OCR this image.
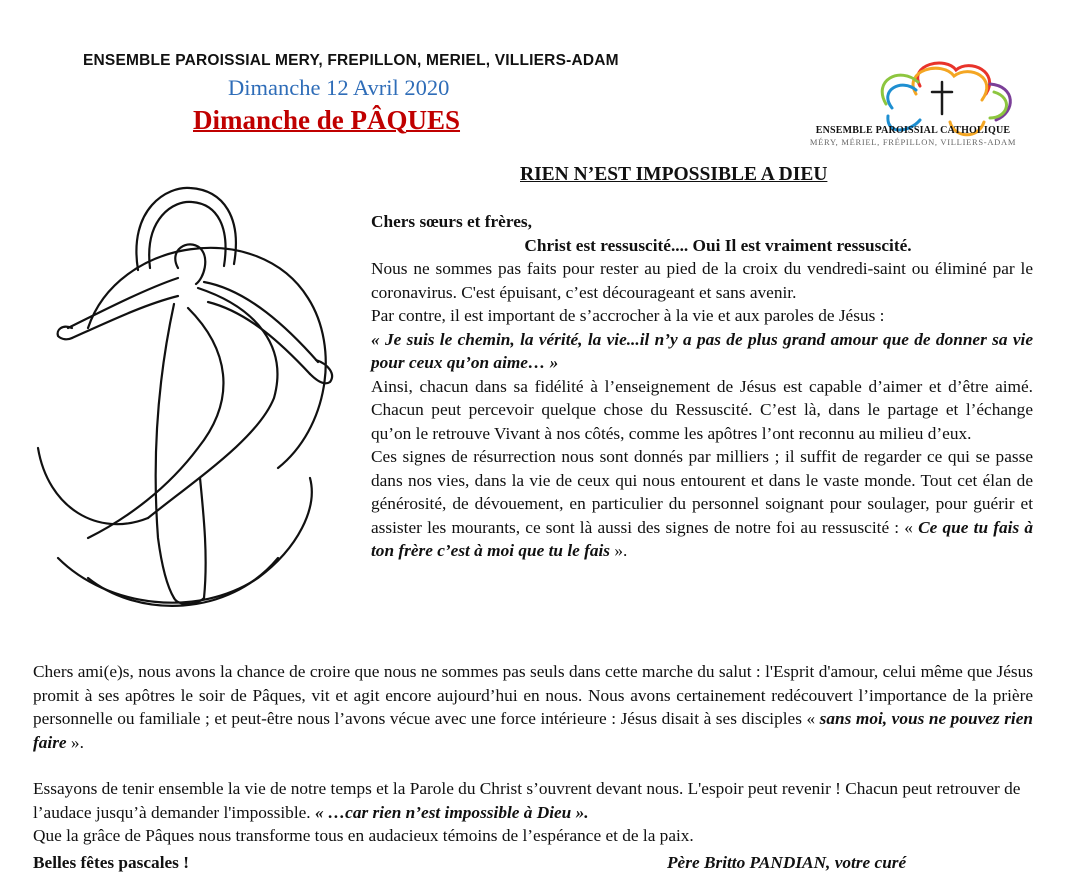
ENSEMBLE PAROISSIAL MERY, FREPILLON, MERIEL, VILLIERS-ADAM
Dimanche 12 Avril 2020
Dimanche de PÂQUES	ENSEMBLE PAROISSIAL CATHOLIQUE
MÉRY, MÉRIEL, FRÉPILLON, VILLIERS-ADAM
RIEN N’EST IMPOSSIBLE A DIEU

Chers sœurs et frères,

Christ est ressuscité.... Oui Il est vraiment ressuscité.

Nous ne sommes pas faits pour rester au pied de la croix du vendredi-saint ou éliminé par le coronavirus. C'est épuisant, c’est décourageant et sans avenir.

Par contre, il est important de s’accrocher à la vie et aux paroles de Jésus :

« Je suis le chemin, la vérité, la vie...il n’y a pas de plus grand amour que de donner sa vie pour ceux qu’on aime… »

Ainsi, chacun dans sa fidélité à l’enseignement de Jésus est capable d’aimer et d’être aimé. Chacun peut percevoir quelque chose du Ressuscité. C’est là, dans le partage et l’échange qu’on le retrouve Vivant à nos côtés, comme les apôtres l’ont reconnu au milieu d’eux.

Ces signes de résurrection nous sont donnés par milliers ; il suffit de regarder ce qui se passe dans nos vies, dans la vie de ceux qui nous entourent et dans le vaste monde. Tout cet élan de générosité, de dévouement, en particulier du personnel soignant pour soulager, pour guérir et assister les mourants, ce sont là aussi des signes de notre foi au ressuscité : « Ce que tu fais à ton frère c’est à moi que tu le fais ».

Chers ami(e)s, nous avons la chance de croire que nous ne sommes pas seuls dans cette marche du salut : l'Esprit d'amour, celui même que Jésus promit à ses apôtres le soir de Pâques, vit et agit encore aujourd’hui en nous. Nous avons certainement redécouvert l’importance de la prière personnelle ou familiale ; et peut-être nous l’avons vécue avec une force intérieure : Jésus disait à ses disciples « sans moi, vous ne pouvez rien faire ».

Essayons de tenir ensemble la vie de notre temps et la Parole du Christ s’ouvrent devant nous. L'espoir peut revenir ! Chacun peut retrouver de l’audace jusqu’à demander l'impossible. « …car rien n’est impossible à Dieu ».

Que la grâce de Pâques nous transforme tous en audacieux témoins de l’espérance et de la paix.

Belles fêtes pascales !	Père Britto PANDIAN, votre curé
